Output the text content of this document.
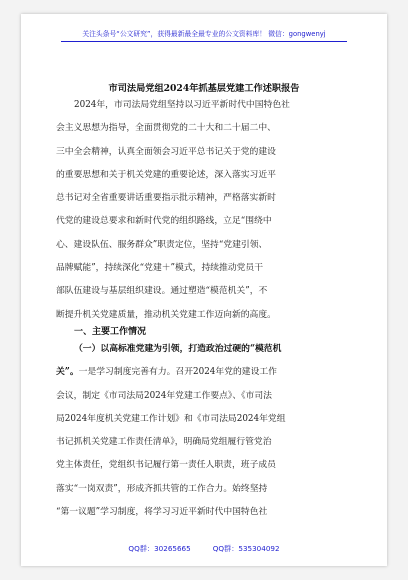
关注头条号“公文研究”，获得最新最全最专业的公文资料库！ 微信：gongwenyj
市司法局党组2024年抓基层党建工作述职报告
2024年，市司法局党组坚持以习近平新时代中国特色社
会主义思想为指导，全面贯彻党的二十大和二十届二中、
三中全会精神，认真全面领会习近平总书记关于党的建设
的重要思想和关于机关党建的重要论述，深入落实习近平
总书记对全省重要讲话重要指示批示精神，严格落实新时
代党的建设总要求和新时代党的组织路线，立足“围绕中
心、建设队伍、服务群众”职责定位，坚持“党建引领、
品牌赋能”，持续深化“党建＋”模式，持续推动党员干
部队伍建设与基层组织建设。通过塑造“模范机关”，不
断提升机关党建质量，推动机关党建工作迈向新的高度。
一、主要工作情况
（一）以高标准党建为引领，打造政治过硬的“模范机
关”。一是学习制度完善有力。召开2024年党的建设工作
会议，制定《市司法局2024年党建工作要点》、《市司法
局2024年度机关党建工作计划》和《市司法局2024年党组
书记抓机关党建工作责任清单》，明确局党组履行管党治
党主体责任，党组织书记履行第一责任人职责，班子成员
落实“一岗双责”，形成齐抓共管的工作合力。始终坚持
“第一议题”学习制度，将学习习近平新时代中国特色社
QQ群：30265665	QQ群：535304092
